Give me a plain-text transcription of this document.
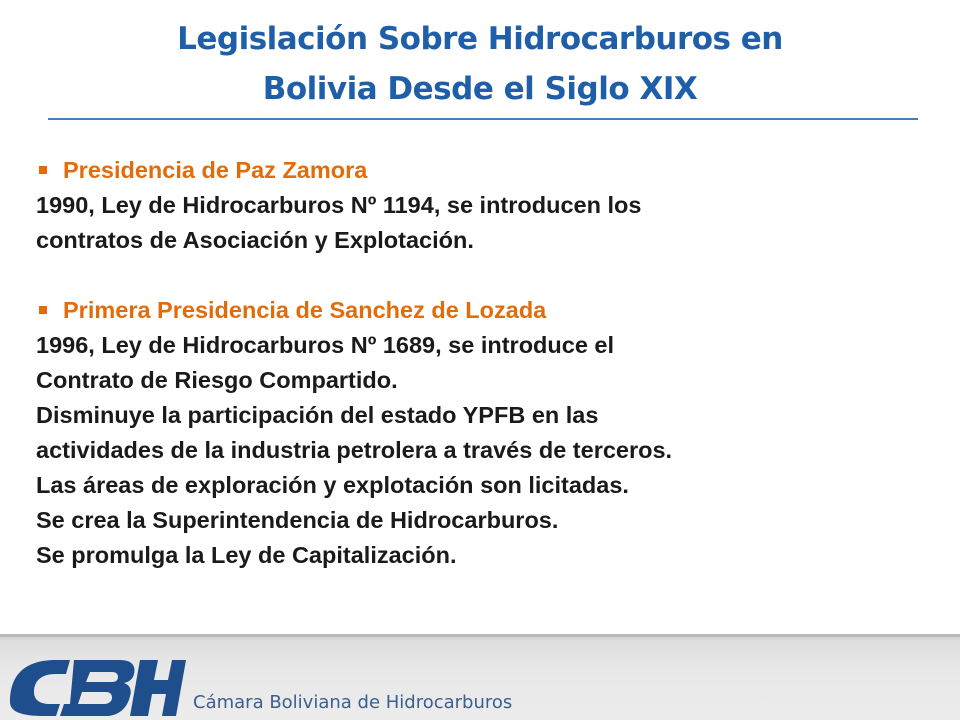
Legislación Sobre Hidrocarburos en
Bolivia Desde el Siglo XIX
Presidencia de Paz Zamora
1990, Ley de Hidrocarburos Nº 1194, se introducen los
contratos de Asociación y Explotación.
Primera Presidencia de Sanchez de Lozada
1996, Ley de Hidrocarburos Nº 1689, se introduce el
Contrato de Riesgo Compartido.
Disminuye la participación del estado YPFB en las
actividades de la industria petrolera a través de terceros.
Las áreas de exploración y explotación son licitadas.
Se crea la Superintendencia de Hidrocarburos.
Se promulga la Ley de Capitalización.
Cámara Boliviana de Hidrocarburos
